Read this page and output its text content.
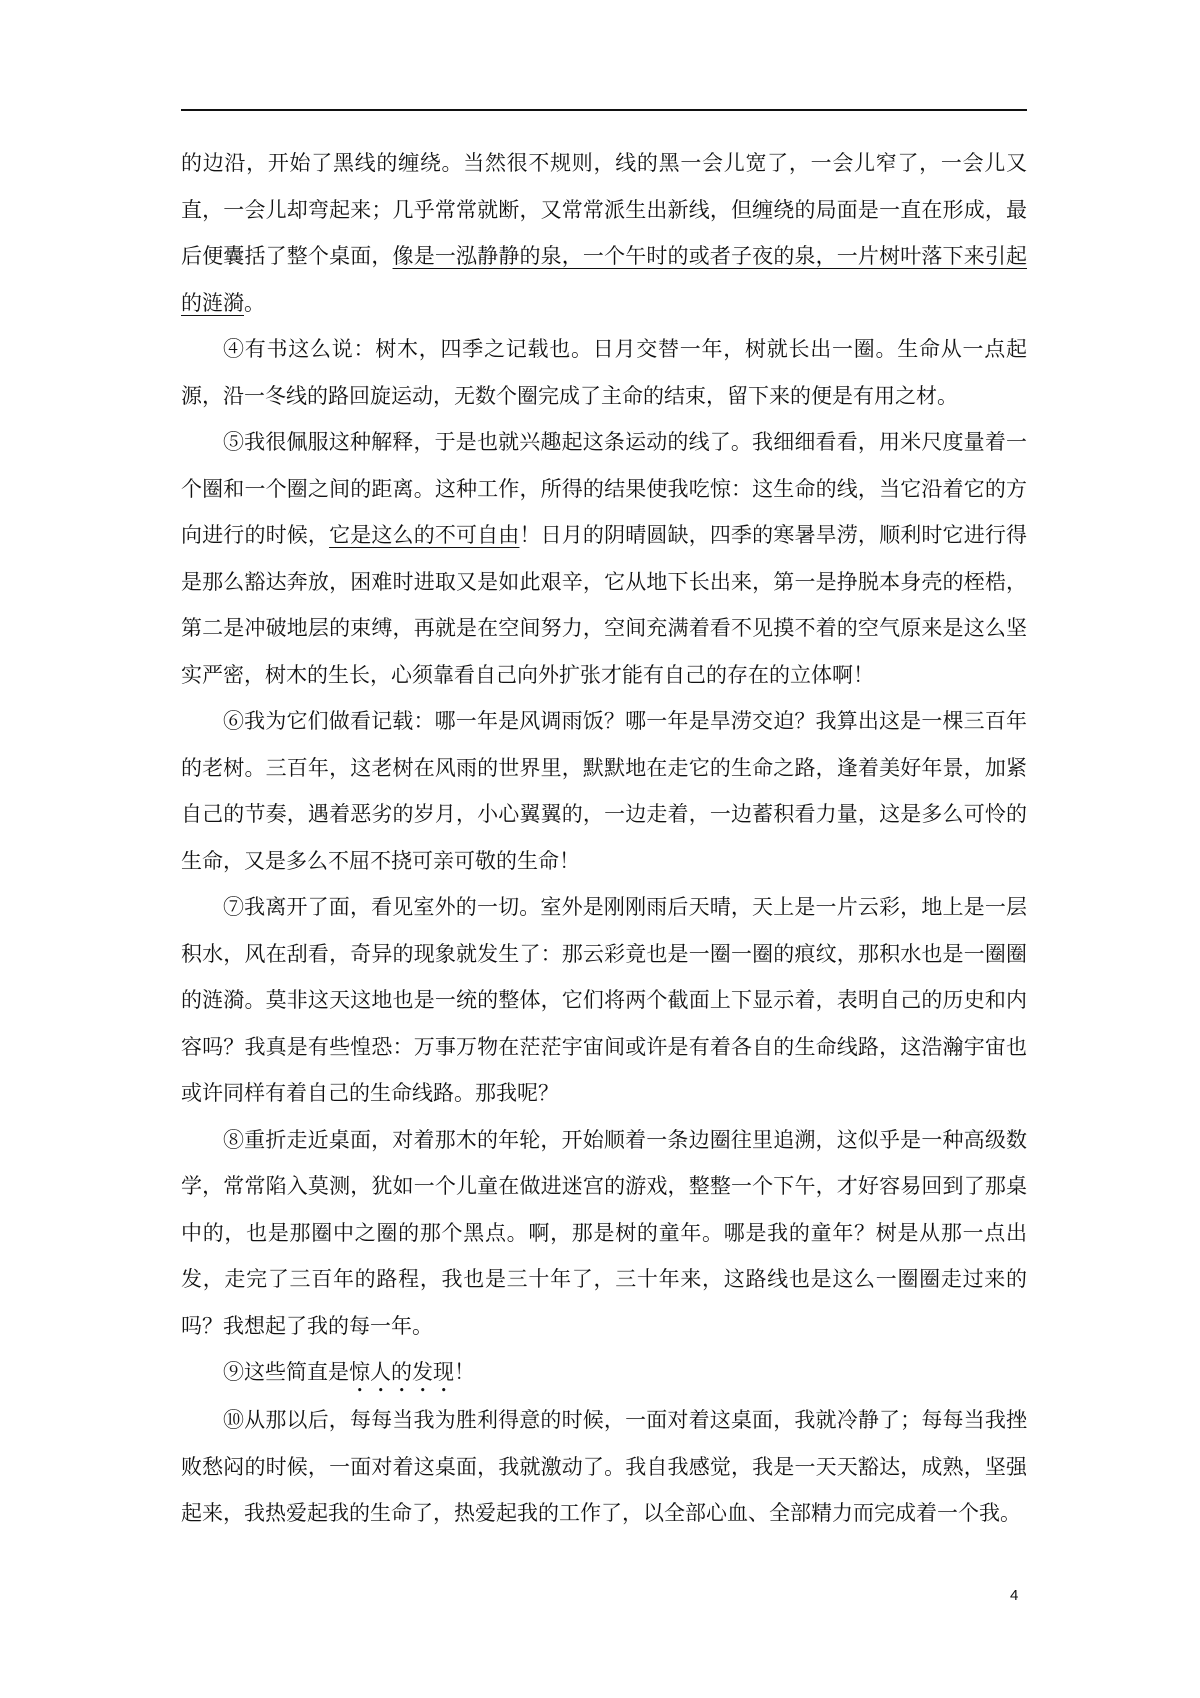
的边沿，开始了黑线的缠绕。当然很不规则，线的黑一会儿宽了，一会儿窄了，一会儿又直，一会儿却弯起来；几乎常常就断，又常常派生出新线，但缠绕的局面是一直在形成，最后便囊括了整个桌面，像是一泓静静的泉，一个午时的或者子夜的泉，一片树叶落下来引起的涟漪。

④有书这么说：树木，四季之记载也。日月交替一年，树就长出一圈。生命从一点起源，沿一冬线的路回旋运动，无数个圈完成了主命的结束，留下来的便是有用之材。

⑤我很佩服这种解释，于是也就兴趣起这条运动的线了。我细细看看，用米尺度量着一个圈和一个圈之间的距离。这种工作，所得的结果使我吃惊：这生命的线，当它沿着它的方向进行的时候，它是这么的不可自由！日月的阴晴圆缺，四季的寒暑旱涝，顺利时它进行得是那么豁达奔放，困难时进取又是如此艰辛，它从地下长出来，第一是挣脱本身壳的桎梏，第二是冲破地层的束缚，再就是在空间努力，空间充满着看不见摸不着的空气原来是这么坚实严密，树木的生长，心须靠看自己向外扩张才能有自己的存在的立体啊！

⑥我为它们做看记载：哪一年是风调雨饭？哪一年是旱涝交迫？我算出这是一棵三百年的老树。三百年，这老树在风雨的世界里，默默地在走它的生命之路，逢着美好年景，加紧自己的节奏，遇着恶劣的岁月，小心翼翼的，一边走着，一边蓄积看力量，这是多么可怜的生命，又是多么不屈不挠可亲可敬的生命！

⑦我离开了面，看见室外的一切。室外是刚刚雨后天晴，天上是一片云彩，地上是一层积水，风在刮看，奇异的现象就发生了：那云彩竟也是一圈一圈的痕纹，那积水也是一圈圈的涟漪。莫非这天这地也是一统的整体，它们将两个截面上下显示着，表明自己的历史和内容吗？我真是有些惶恐：万事万物在茫茫宇宙间或许是有着各自的生命线路，这浩瀚宇宙也或许同样有着自己的生命线路。那我呢？

⑧重折走近桌面，对着那木的年轮，开始顺着一条边圈往里追溯，这似乎是一种高级数学，常常陷入莫测，犹如一个儿童在做进迷宫的游戏，整整一个下午，才好容易回到了那桌中的，也是那圈中之圈的那个黑点。啊，那是树的童年。哪是我的童年？树是从那一点出发，走完了三百年的路程，我也是三十年了，三十年来，这路线也是这么一圈圈走过来的吗？我想起了我的每一年。

⑨这些简直是惊人的发现！

⑩从那以后，每每当我为胜利得意的时候，一面对着这桌面，我就冷静了；每每当我挫败愁闷的时候，一面对着这桌面，我就激动了。我自我感觉，我是一天天豁达，成熟，坚强起来，我热爱起我的生命了，热爱起我的工作了，以全部心血、全部精力而完成着一个我。

4
